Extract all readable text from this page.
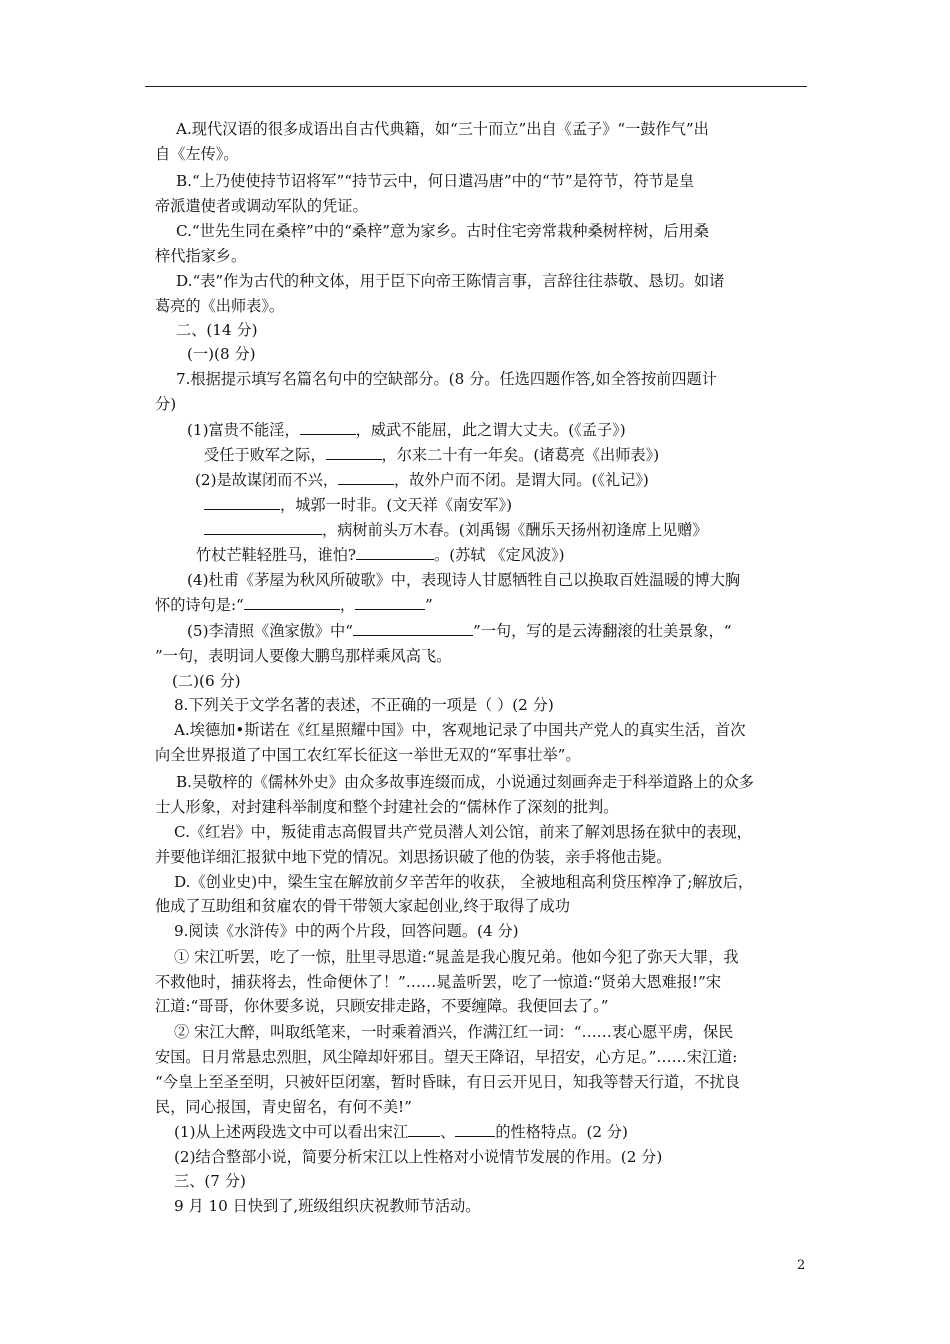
A.现代汉语的很多成语出自古代典籍，如“三十而立”出自《孟子》“一鼓作气”出
自《左传》。
B.“上乃使使持节诏将军”“持节云中，何日遣冯唐”中的“节”是符节，符节是皇
帝派遣使者或调动军队的凭证。
C.“世先生同在桑梓”中的“桑梓”意为家乡。古时住宅旁常栽种桑树梓树，后用桑
梓代指家乡。
D.“表”作为古代的种文体，用于臣下向帝王陈情言事，言辞往往恭敬、恳切。如诸
葛亮的《出师表》。
二、(14 分)
(一)(8 分)
7.根据提示填写名篇名句中的空缺部分。(8 分。任选四题作答,如全答按前四题计
分)
(1)富贵不能淫，	，威武不能屈，此之谓大丈夫。(《孟子》)
受任于败军之际，	，尔来二十有一年矣。(诸葛亮《出师表》)
(2)是故谋闭而不兴，	，故外户而不闭。是谓大同。(《礼记》)
，城郭一时非。(文天祥《南安军》)
，病树前头万木春。(刘禹锡《酬乐天扬州初逢席上见赠》
竹杖芒鞋轻胜马，谁怕?	。(苏轼 《定风波》)
(4)杜甫《茅屋为秋风所破歌》中，表现诗人甘愿牺牲自己以换取百姓温暖的博大胸
怀的诗句是:“	，	”
(5)李清照《渔家傲》中“	”一句，写的是云涛翻滚的壮美景象，“
”一句，表明词人要像大鹏鸟那样乘风高飞。
(二)(6 分)
8.下列关于文学名著的表述，不正确的一项是（ ）(2 分)
A.埃德加•斯诺在《红星照耀中国》中，客观地记录了中国共产党人的真实生活，首次
向全世界报道了中国工农红军长征这一举世无双的“军事壮举”。
B.吴敬梓的《儒林外史》由众多故事连缀而成，小说通过刻画奔走于科举道路上的众多
士人形象，对封建科举制度和整个封建社会的“儒林作了深刻的批判。
C.《红岩》中，叛徒甫志高假冒共产党员潜人刘公馆，前来了解刘思扬在狱中的表现，
并要他详细汇报狱中地下党的情况。刘思扬识破了他的伪装，亲手将他击毙。
D.《创业史)中，梁生宝在解放前夕辛苦年的收获， 全被地租高利贷压榨净了;解放后，
他成了互助组和贫雇农的骨干带领大家起创业,终于取得了成功
9.阅读《水浒传》中的两个片段，回答问题。(4 分)
① 宋江听罢，吃了一惊，肚里寻思道:“晁盖是我心腹兄弟。他如今犯了弥天大罪，我
不救他时，捕获将去，性命便休了！”……晁盖听罢，吃了一惊道:“贤弟大恩难报!”宋
江道:“哥哥，你休要多说，只顾安排走路，不要缠障。我便回去了。”
② 宋江大醉，叫取纸笔来，一时乘着酒兴，作满江红一词：“……衷心愿平虏，保民
安国。日月常悬忠烈胆，风尘障却奸邪目。望天王降诏，早招安，心方足。”……宋江道:
“今皇上至圣至明，只被奸臣闭塞，暂时昏昧，有日云开见日，知我等替天行道，不扰良
民，同心报国，青史留名，有何不美!”
(1)从上述两段选文中可以看出宋江 、	的性格特点。(2 分)
(2)结合整部小说，简要分析宋江以上性格对小说情节发展的作用。(2 分)
三、(7 分)
9 月 10 日快到了,班级组织庆祝教师节活动。
2
